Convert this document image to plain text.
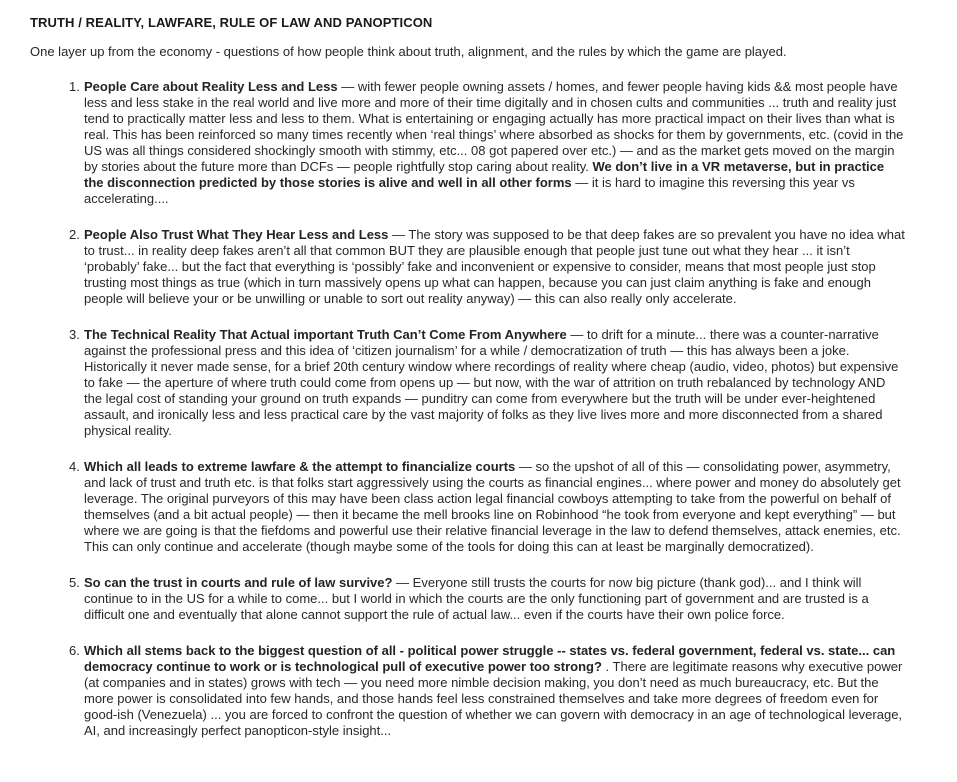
TRUTH / REALITY, LAWFARE, RULE OF LAW AND PANOPTICON

One layer up from the economy - questions of how people think about truth, alignment, and the rules by which the game are played.

1. People Care about Reality Less and Less — with fewer people owning assets / homes, and fewer people having kids && most people have less and less stake in the real world and live more and more of their time digitally and in chosen cults and communities ... truth and reality just tend to practically matter less and less to them. What is entertaining or engaging actually has more practical impact on their lives than what is real. This has been reinforced so many times recently when ‘real things’ where absorbed as shocks for them by governments, etc. (covid in the US was all things considered shockingly smooth with stimmy, etc... 08 got papered over etc.) — and as the market gets moved on the margin by stories about the future more than DCFs — people rightfully stop caring about reality. We don’t live in a VR metaverse, but in practice the disconnection predicted by those stories is alive and well in all other forms — it is hard to imagine this reversing this year vs accelerating....
2. People Also Trust What They Hear Less and Less — The story was supposed to be that deep fakes are so prevalent you have no idea what to trust... in reality deep fakes aren’t all that common BUT they are plausible enough that people just tune out what they hear ... it isn’t ‘probably’ fake... but the fact that everything is ‘possibly’ fake and inconvenient or expensive to consider, means that most people just stop trusting most things as true (which in turn massively opens up what can happen, because you can just claim anything is fake and enough people will believe your or be unwilling or unable to sort out reality anyway) — this can also really only accelerate.
3. The Technical Reality That Actual important Truth Can’t Come From Anywhere — to drift for a minute... there was a counter-narrative against the professional press and this idea of ‘citizen journalism’ for a while / democratization of truth — this has always been a joke. Historically it never made sense, for a brief 20th century window where recordings of reality where cheap (audio, video, photos) but expensive to fake — the aperture of where truth could come from opens up — but now, with the war of attrition on truth rebalanced by technology AND the legal cost of standing your ground on truth expands — punditry can come from everywhere but the truth will be under ever-heightened assault, and ironically less and less practical care by the vast majority of folks as they live lives more and more disconnected from a shared physical reality.
4. Which all leads to extreme lawfare & the attempt to financialize courts — so the upshot of all of this — consolidating power, asymmetry, and lack of trust and truth etc. is that folks start aggressively using the courts as financial engines... where power and money do absolutely get leverage. The original purveyors of this may have been class action legal financial cowboys attempting to take from the powerful on behalf of themselves (and a bit actual people) — then it became the mell brooks line on Robinhood “he took from everyone and kept everything” — but where we are going is that the fiefdoms and powerful use their relative financial leverage in the law to defend themselves, attack enemies, etc. This can only continue and accelerate (though maybe some of the tools for doing this can at least be marginally democratized).
5. So can the trust in courts and rule of law survive? — Everyone still trusts the courts for now big picture (thank god)... and I think will continue to in the US for a while to come... but I world in which the courts are the only functioning part of government and are trusted is a difficult one and eventually that alone cannot support the rule of actual law... even if the courts have their own police force.
6. Which all stems back to the biggest question of all - political power struggle -- states vs. federal government, federal vs. state... can democracy continue to work or is technological pull of executive power too strong? . There are legitimate reasons why executive power (at companies and in states) grows with tech — you need more nimble decision making, you don’t need as much bureaucracy, etc. But the more power is consolidated into few hands, and those hands feel less constrained themselves and take more degrees of freedom even for good-ish (Venezuela) ... you are forced to confront the question of whether we can govern with democracy in an age of technological leverage, AI, and increasingly perfect panopticon-style insight...
